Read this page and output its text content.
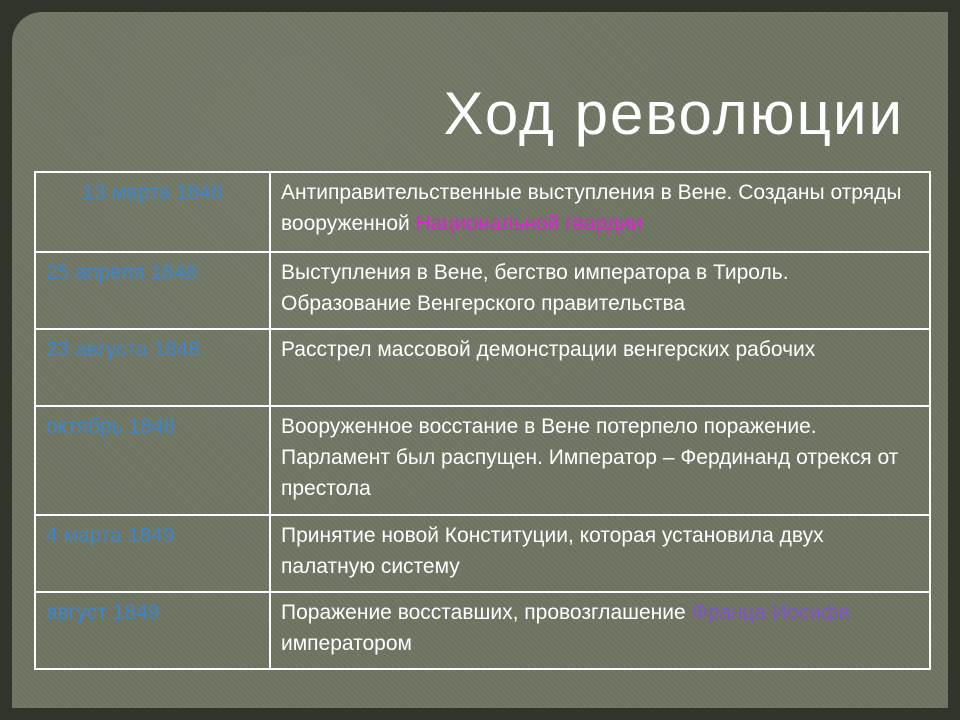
Ход революции
13 марта 1848	Антиправительственные выступления в Вене. Созданы отряды вооруженной Национальной гвардии
25 апреля 1848	Выступления в Вене, бегство императора в Тироль. Образование Венгерского правительства
23 августа 1848	Расстрел массовой демонстрации венгерских рабочих
октябрь 1848	Вооруженное восстание в Вене потерпело поражение. Парламент был распущен. Император – Фердинанд отрекся от престола
4 марта 1849	Принятие новой Конституции, которая установила двух палатную систему
август 1849	Поражение восставших, провозглашение Франца Иосифа императором
